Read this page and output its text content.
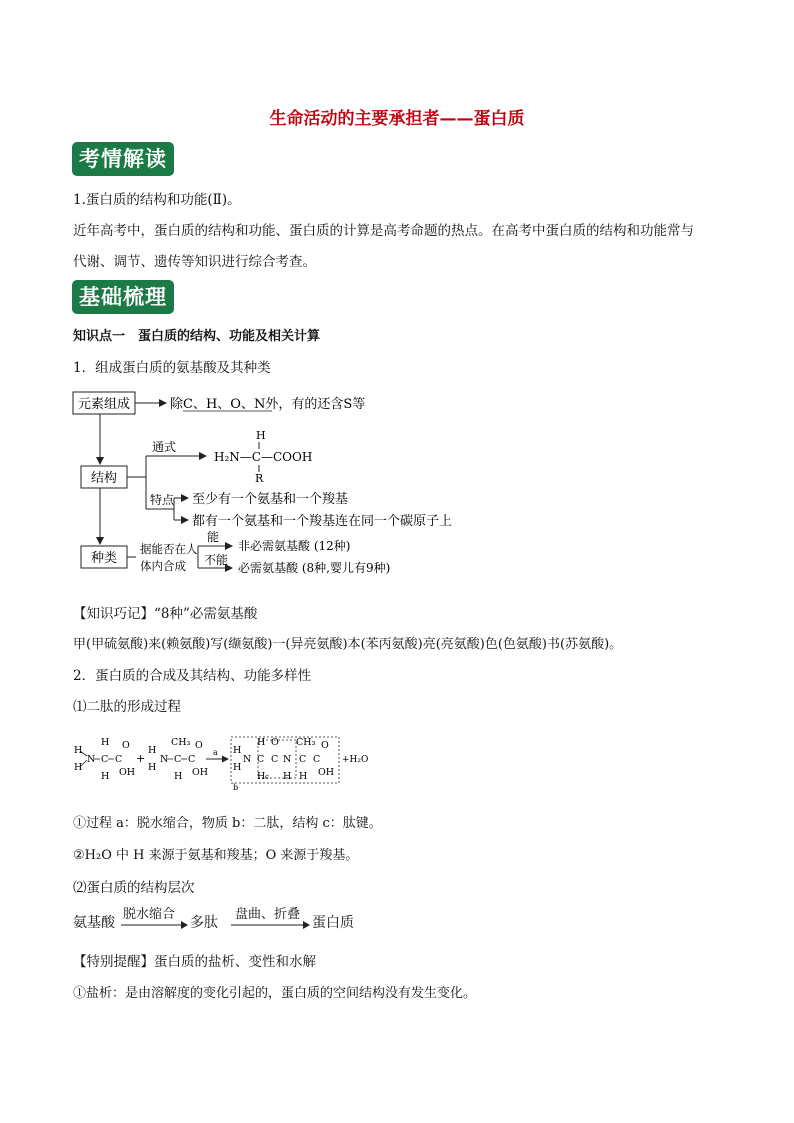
生命活动的主要承担者——蛋白质
考情解读
1.蛋白质的结构和功能(Ⅱ)。
近年高考中，蛋白质的结构和功能、蛋白质的计算是高考命题的热点。在高考中蛋白质的结构和功能常与
代谢、调节、遗传等知识进行综合考查。
基础梳理
知识点一　蛋白质的结构、功能及相关计算
1．组成蛋白质的氨基酸及其种类
元素组成
结构
种类
除C、H、O、N外，有的还含S等
通式
H
H₂N—C—COOH
R
特点 至少有一个氨基和一个羧基
都有一个氨基和一个羧基连在同一个碳原子上
据能否在人
体内合成
能
不能
非必需氨基酸 (12种)
必需氨基酸 (8种,婴儿有9种)
【知识巧记】“8种”必需氨基酸
甲(甲硫氨酸)来(赖氨酸)写(缬氨酸)一(异亮氨酸)本(苯丙氨酸)亮(亮氨酸)色(色氨酸)书(苏氨酸)。
2．蛋白质的合成及其结构、功能多样性
⑴二肽的形成过程
H
H
N
H
C
H
C
O
OH
+
H
H
N
CH₃
C
H
C
O
OH
a H
H
N
H
C
H
O
C N
H
CH₃
C
H
C
O
OH
b
c
+H₂O
①过程 a：脱水缩合，物质 b：二肽，结构 c：肽键。
②H₂O 中 H 来源于氨基和羧基；O 来源于羧基。
⑵蛋白质的结构层次
氨基酸
脱水缩合
多肽
盘曲、折叠
蛋白质
【特别提醒】蛋白质的盐析、变性和水解
①盐析：是由溶解度的变化引起的，蛋白质的空间结构没有发生变化。
